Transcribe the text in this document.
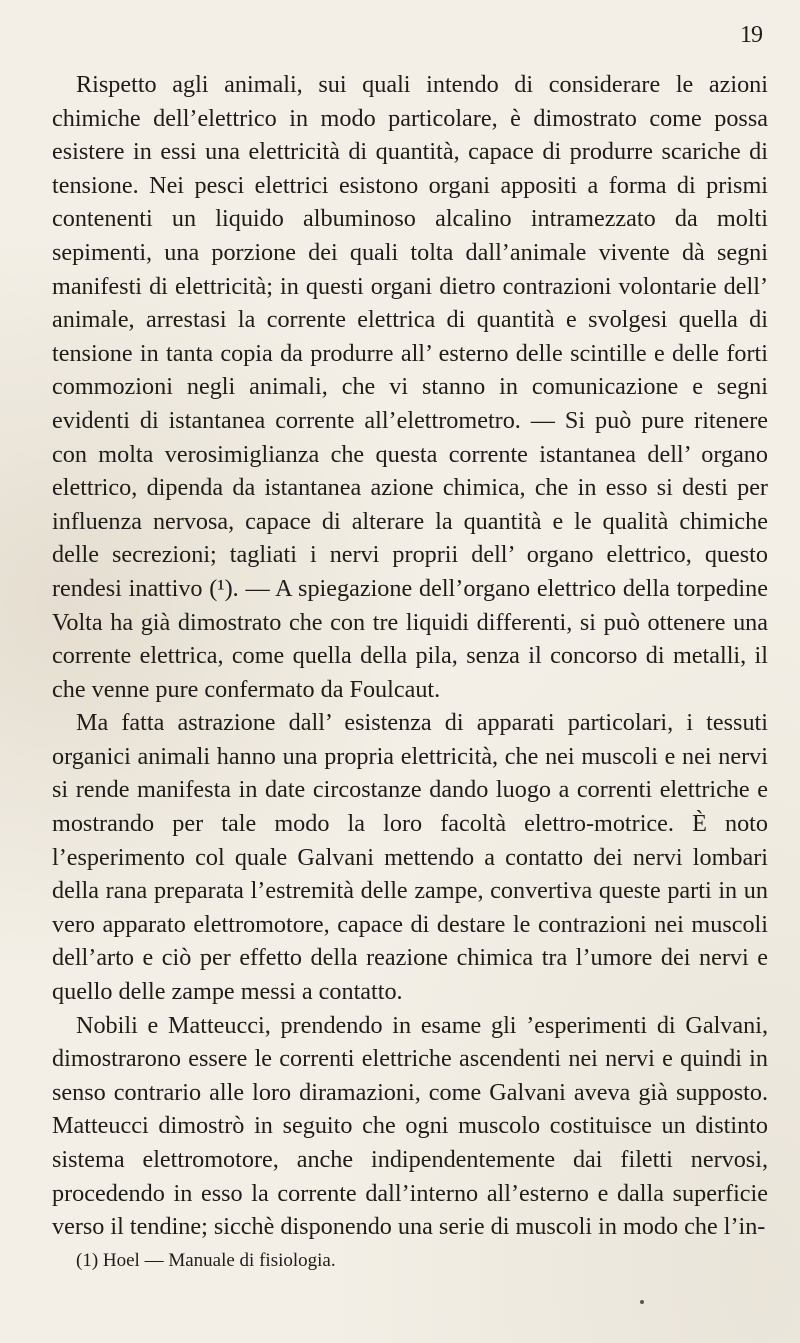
19

Rispetto agli animali, sui quali intendo di considerare le azioni chimiche dell’elettrico in modo particolare, è dimostrato come possa esistere in essi una elettricità di quantità, capace di produrre scariche di tensione. Nei pesci elettrici esistono organi appositi a forma di prismi contenenti un liquido albuminoso alcalino intramezzato da molti sepimenti, una porzione dei quali tolta dall’animale vivente dà segni manifesti di elettricità; in questi organi dietro contrazioni volontarie dell’ animale, arrestasi la corrente elettrica di quantità e svolgesi quella di tensione in tanta copia da produrre all’ esterno delle scintille e delle forti commozioni negli animali, che vi stanno in comunicazione e segni evidenti di istantanea corrente all’elettrometro. — Si può pure ritenere con molta verosimiglianza che questa corrente istantanea dell’ organo elettrico, dipenda da istantanea azione chimica, che in esso si desti per influenza nervosa, capace di alterare la quantità e le qualità chimiche delle secrezioni; tagliati i nervi proprii dell’ organo elettrico, questo rendesi inattivo (¹). — A spiegazione dell’organo elettrico della torpedine Volta ha già dimostrato che con tre liquidi differenti, si può ottenere una corrente elettrica, come quella della pila, senza il concorso di metalli, il che venne pure confermato da Foulcaut.

Ma fatta astrazione dall’ esistenza di apparati particolari, i tessuti organici animali hanno una propria elettricità, che nei muscoli e nei nervi si rende manifesta in date circostanze dando luogo a correnti elettriche e mostrando per tale modo la loro facoltà elettro-motrice. È noto l’esperimento col quale Galvani mettendo a contatto dei nervi lombari della rana preparata l’estremità delle zampe, convertiva queste parti in un vero apparato elettromotore, capace di destare le contrazioni nei muscoli dell’arto e ciò per effetto della reazione chimica tra l’umore dei nervi e quello delle zampe messi a contatto.

Nobili e Matteucci, prendendo in esame gli ’esperimenti di Galvani, dimostrarono essere le correnti elettriche ascendenti nei nervi e quindi in senso contrario alle loro diramazioni, come Galvani aveva già supposto. Matteucci dimostrò in seguito che ogni muscolo costituisce un distinto sistema elettromotore, anche indipendentemente dai filetti nervosi, procedendo in esso la corrente dall’interno all’esterno e dalla superficie verso il tendine; sicchè disponendo una serie di muscoli in modo che l’in-

(1) Hoel — Manuale di fisiologia.
